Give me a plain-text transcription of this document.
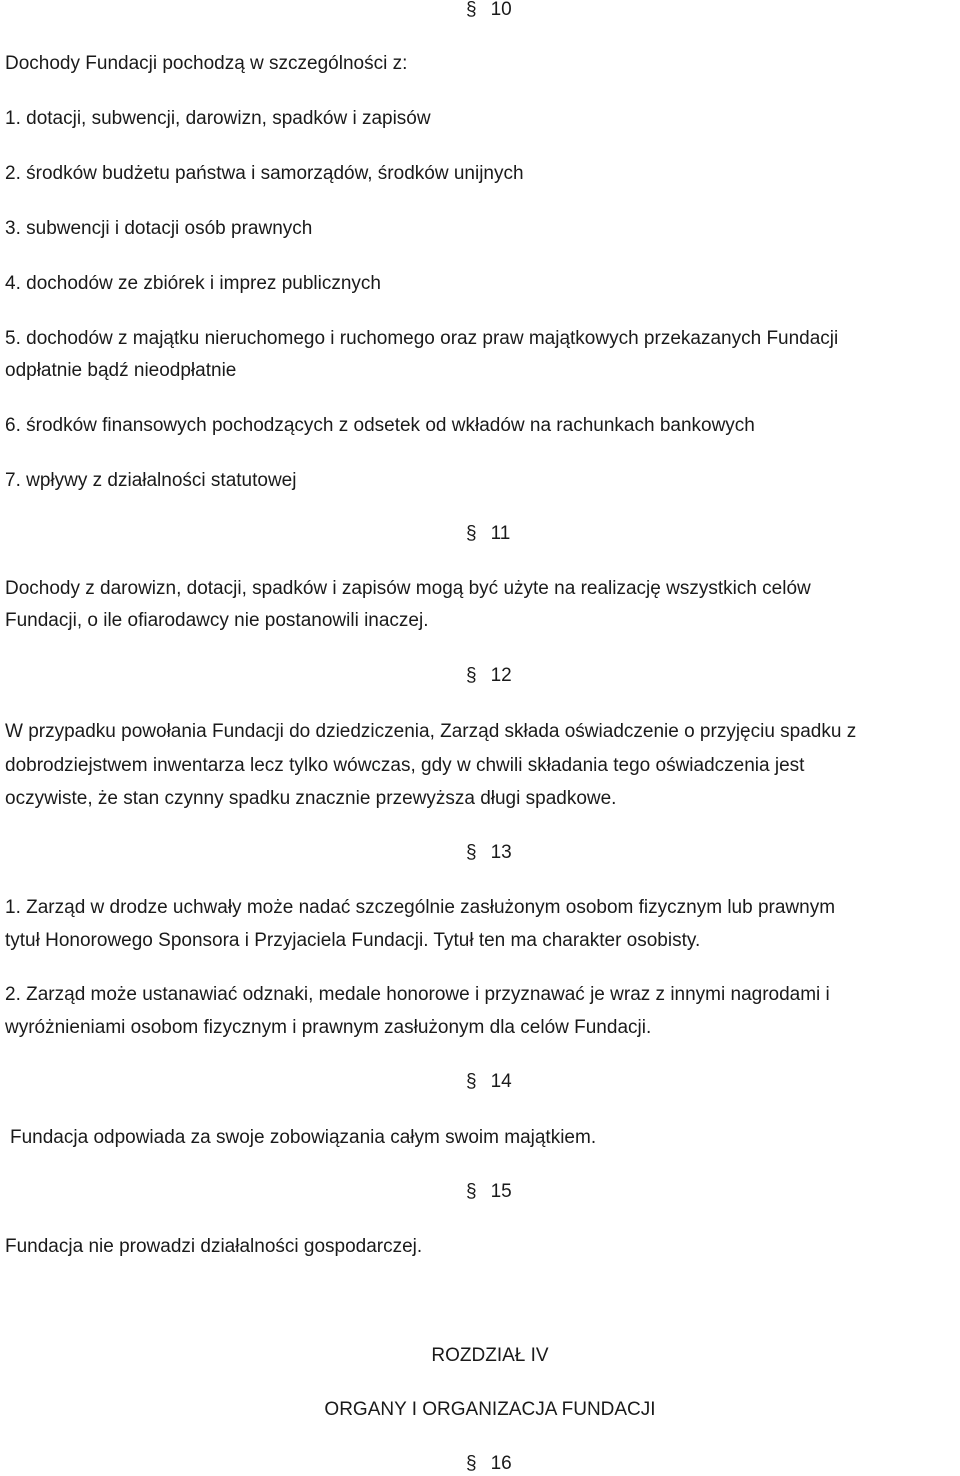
§ 10
Dochody Fundacji pochodzą w szczególności z:
1. dotacji, subwencji, darowizn, spadków i zapisów
2. środków budżetu państwa i samorządów, środków unijnych
3. subwencji i dotacji osób prawnych
4. dochodów ze zbiórek i imprez publicznych
5. dochodów z majątku nieruchomego i ruchomego oraz praw majątkowych przekazanych Fundacji
odpłatnie bądź nieodpłatnie
6. środków finansowych pochodzących z odsetek od wkładów na rachunkach bankowych
7. wpływy z działalności statutowej
§ 11
Dochody z darowizn, dotacji, spadków i zapisów mogą być użyte na realizację wszystkich celów
Fundacji, o ile ofiarodawcy nie postanowili inaczej.
§ 12
W przypadku powołania Fundacji do dziedziczenia, Zarząd składa oświadczenie o przyjęciu spadku z
dobrodziejstwem inwentarza lecz tylko wówczas, gdy w chwili składania tego oświadczenia jest
oczywiste, że stan czynny spadku znacznie przewyższa długi spadkowe.
§ 13
1. Zarząd w drodze uchwały może nadać szczególnie zasłużonym osobom fizycznym lub prawnym
tytuł Honorowego Sponsora i Przyjaciela Fundacji. Tytuł ten ma charakter osobisty.
2. Zarząd może ustanawiać odznaki, medale honorowe i przyznawać je wraz z innymi nagrodami i
wyróżnieniami osobom fizycznym i prawnym zasłużonym dla celów Fundacji.
§ 14
Fundacja odpowiada za swoje zobowiązania całym swoim majątkiem.
§ 15
Fundacja nie prowadzi działalności gospodarczej.
ROZDZIAŁ IV
ORGANY I ORGANIZACJA FUNDACJI
§ 16
